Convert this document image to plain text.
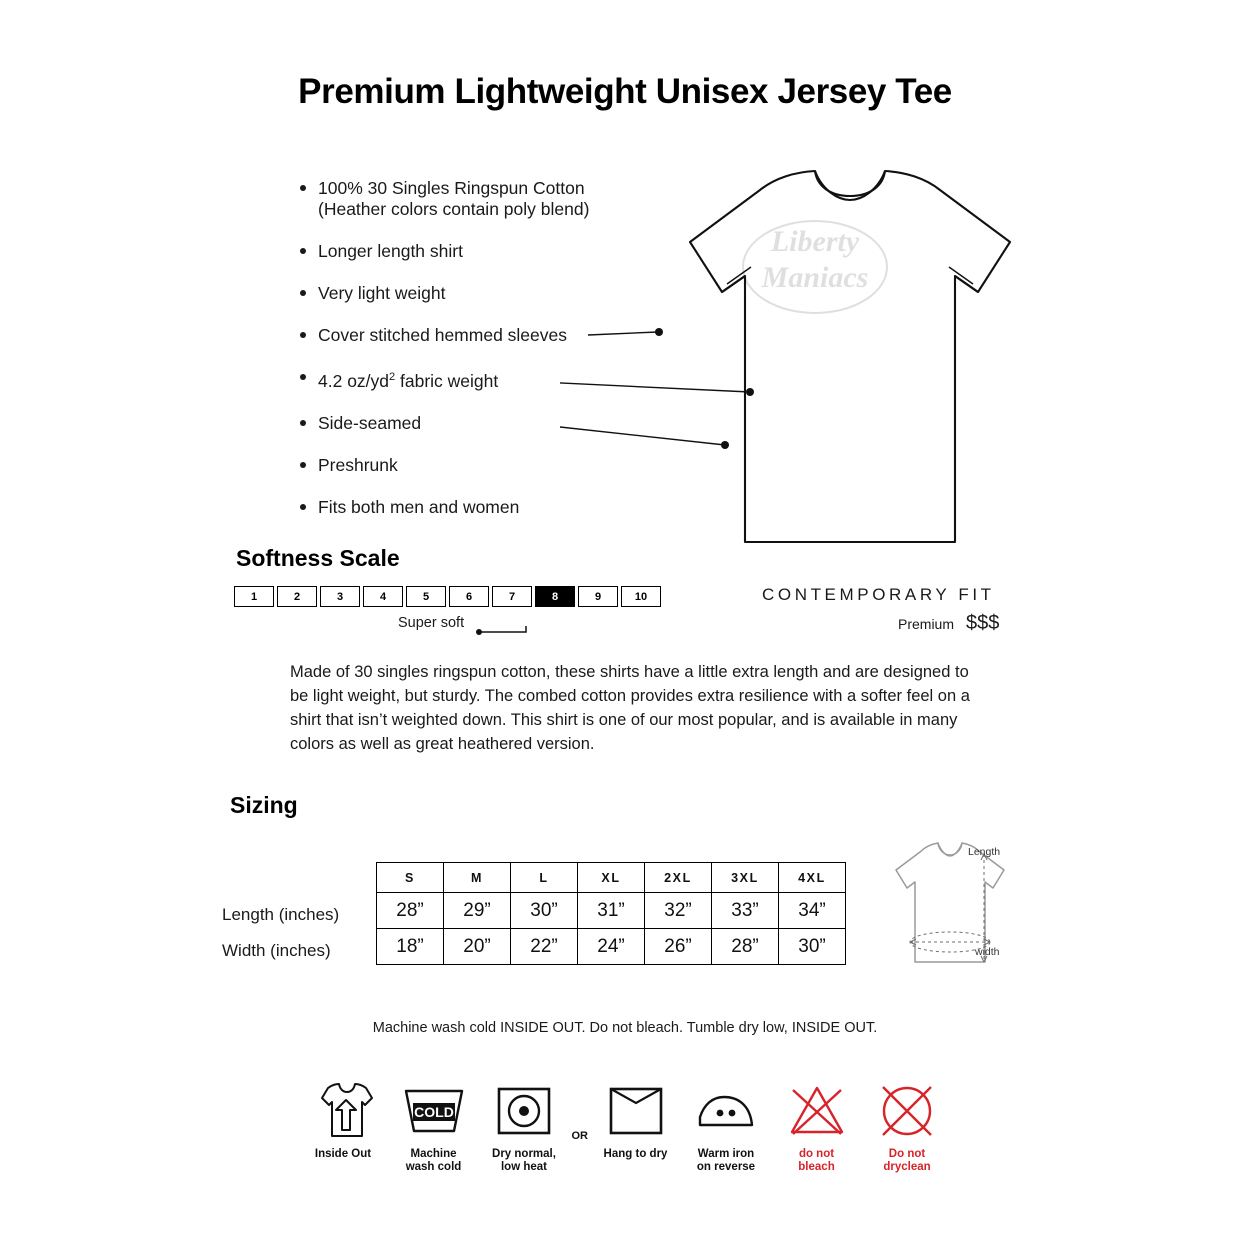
Premium Lightweight Unisex Jersey Tee
100% 30 Singles Ringspun Cotton
(Heather colors contain poly blend)
Longer length shirt
Very light weight
Cover stitched hemmed sleeves
4.2 $oz/yd^2$ fabric weight
Side-seamed
Preshrunk
Fits both men and women
Liberty
Maniacs
Softness Scale
1	2	3	4	5	6	7	8	9	10
Super soft
CONTEMPORARY FIT
Premium $$$
Made of 30 singles ringspun cotton, these shirts have a little extra length and are designed to be light weight, but sturdy. The combed cotton provides extra resilience with a softer feel on a shirt that isn’t weighted down. This shirt is one of our most popular, and is available in many colors as well as great heathered version.
Sizing
Length (inches)
Width (inches)
S	M	L	XL	2XL	3XL	4XL
28”	29”	30”	31”	32”	33”	34”
18”	20”	22”	24”	26”	28”	30”
Length
width
Machine wash cold INSIDE OUT. Do not bleach. Tumble dry low, INSIDE OUT.
Inside Out
COLD
Machine
wash cold
Dry normal,
low heat
OR
Hang to dry	Warm iron
on reverse
do not
bleach
Do not
dryclean
